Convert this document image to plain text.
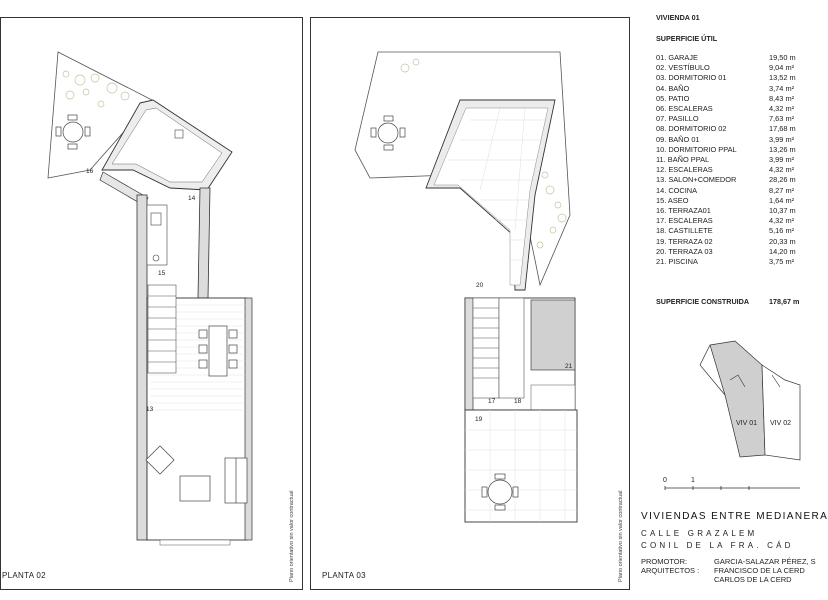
16
14
15
13
PLANTA 02	Plano orientativo sin valor contractual
20
21
17	18
19
PLANTA 03	Plano orientativo sin valor contractual
VIVIENDA 01
SUPERFICIE ÚTIL
01. GARAJE	19,50 m
02. VESTÍBULO	9,04 m²
03. DORMITORIO 01	13,52 m
04. BAÑO	3,74 m²
05. PATIO	8,43 m²
06. ESCALERAS	4,32 m²
07. PASILLO	7,63 m²
08. DORMITORIO 02	17,68 m
09. BAÑO 01	3,99 m²
10. DORMITORIO PPAL	13,26 m
11. BAÑO PPAL	3,99 m²
12. ESCALERAS	4,32 m²
13. SALON+COMEDOR	28,26 m
14. COCINA	8,27 m²
15. ASEO	1,64 m²
16. TERRAZA01	10,37 m
17. ESCALERAS	4,32 m²
18. CASTILLETE	5,16 m²
19. TERRAZA 02	20,33 m
20. TERRAZA 03	14,20 m
21. PISCINA	3,75 m²
SUPERFICIE CONSTRUIDA	178,67 m
VIV 01 VIV 02
0	1
VIVIENDAS ENTRE MEDIANERA
CALLE GRAZALEM
CONIL DE LA FRA. CÁD
PROMOTOR:	GARCIA-SALAZAR PÉREZ, S
ARQUITECTOS : FRANCISCO DE LA CERD
CARLOS DE LA CERD
